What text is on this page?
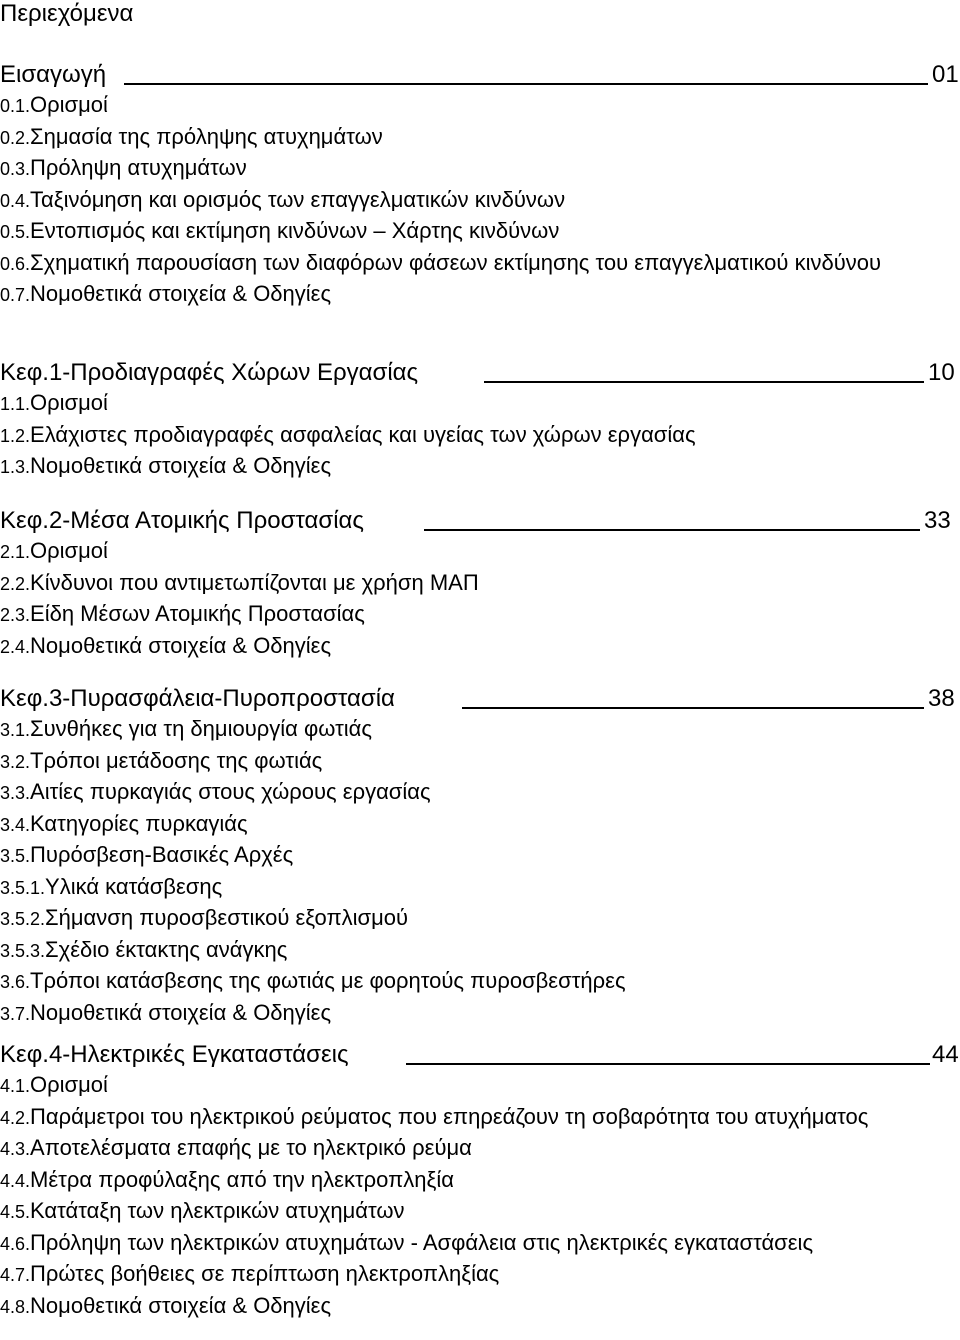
Περιεχόμενα
Εισαγωγή	01
0.1.Ορισμοί
0.2.Σημασία της πρόληψης ατυχημάτων
0.3.Πρόληψη ατυχημάτων
0.4.Ταξινόμηση και ορισμός των επαγγελματικών κινδύνων
0.5.Εντοπισμός και εκτίμηση κινδύνων – Χάρτης κινδύνων
0.6.Σχηματική παρουσίαση των διαφόρων φάσεων εκτίμησης του επαγγελματικού κινδύνου
0.7.Νομοθετικά στοιχεία & Οδηγίες
Κεφ.1-Προδιαγραφές Χώρων Εργασίας	10
1.1.Ορισμοί
1.2.Ελάχιστες προδιαγραφές ασφαλείας και υγείας των χώρων εργασίας
1.3.Νομοθετικά στοιχεία & Οδηγίες
Κεφ.2-Μέσα Ατομικής Προστασίας	33
2.1.Ορισμοί
2.2.Κίνδυνοι που αντιμετωπίζονται με χρήση ΜΑΠ
2.3.Είδη Μέσων Ατομικής Προστασίας
2.4.Νομοθετικά στοιχεία & Οδηγίες
Κεφ.3-Πυρασφάλεια-Πυροπροστασία	38
3.1.Συνθήκες για τη δημιουργία φωτιάς
3.2.Τρόποι μετάδοσης της φωτιάς
3.3.Αιτίες πυρκαγιάς στους χώρους εργασίας
3.4.Κατηγορίες πυρκαγιάς
3.5.Πυρόσβεση-Βασικές Αρχές
3.5.1.Υλικά κατάσβεσης
3.5.2.Σήμανση πυροσβεστικού εξοπλισμού
3.5.3.Σχέδιο έκτακτης ανάγκης
3.6.Τρόποι κατάσβεσης της φωτιάς με φορητούς πυροσβεστήρες
3.7.Νομοθετικά στοιχεία & Οδηγίες
Κεφ.4-Ηλεκτρικές Εγκαταστάσεις	44
4.1.Ορισμοί
4.2.Παράμετροι του ηλεκτρικού ρεύματος που επηρεάζουν τη σοβαρότητα του ατυχήματος
4.3.Αποτελέσματα επαφής με το ηλεκτρικό ρεύμα
4.4.Μέτρα προφύλαξης από την ηλεκτροπληξία
4.5.Κατάταξη των ηλεκτρικών ατυχημάτων
4.6.Πρόληψη των ηλεκτρικών ατυχημάτων - Ασφάλεια στις ηλεκτρικές εγκαταστάσεις
4.7.Πρώτες βοήθειες σε περίπτωση ηλεκτροπληξίας
4.8.Νομοθετικά στοιχεία & Οδηγίες
